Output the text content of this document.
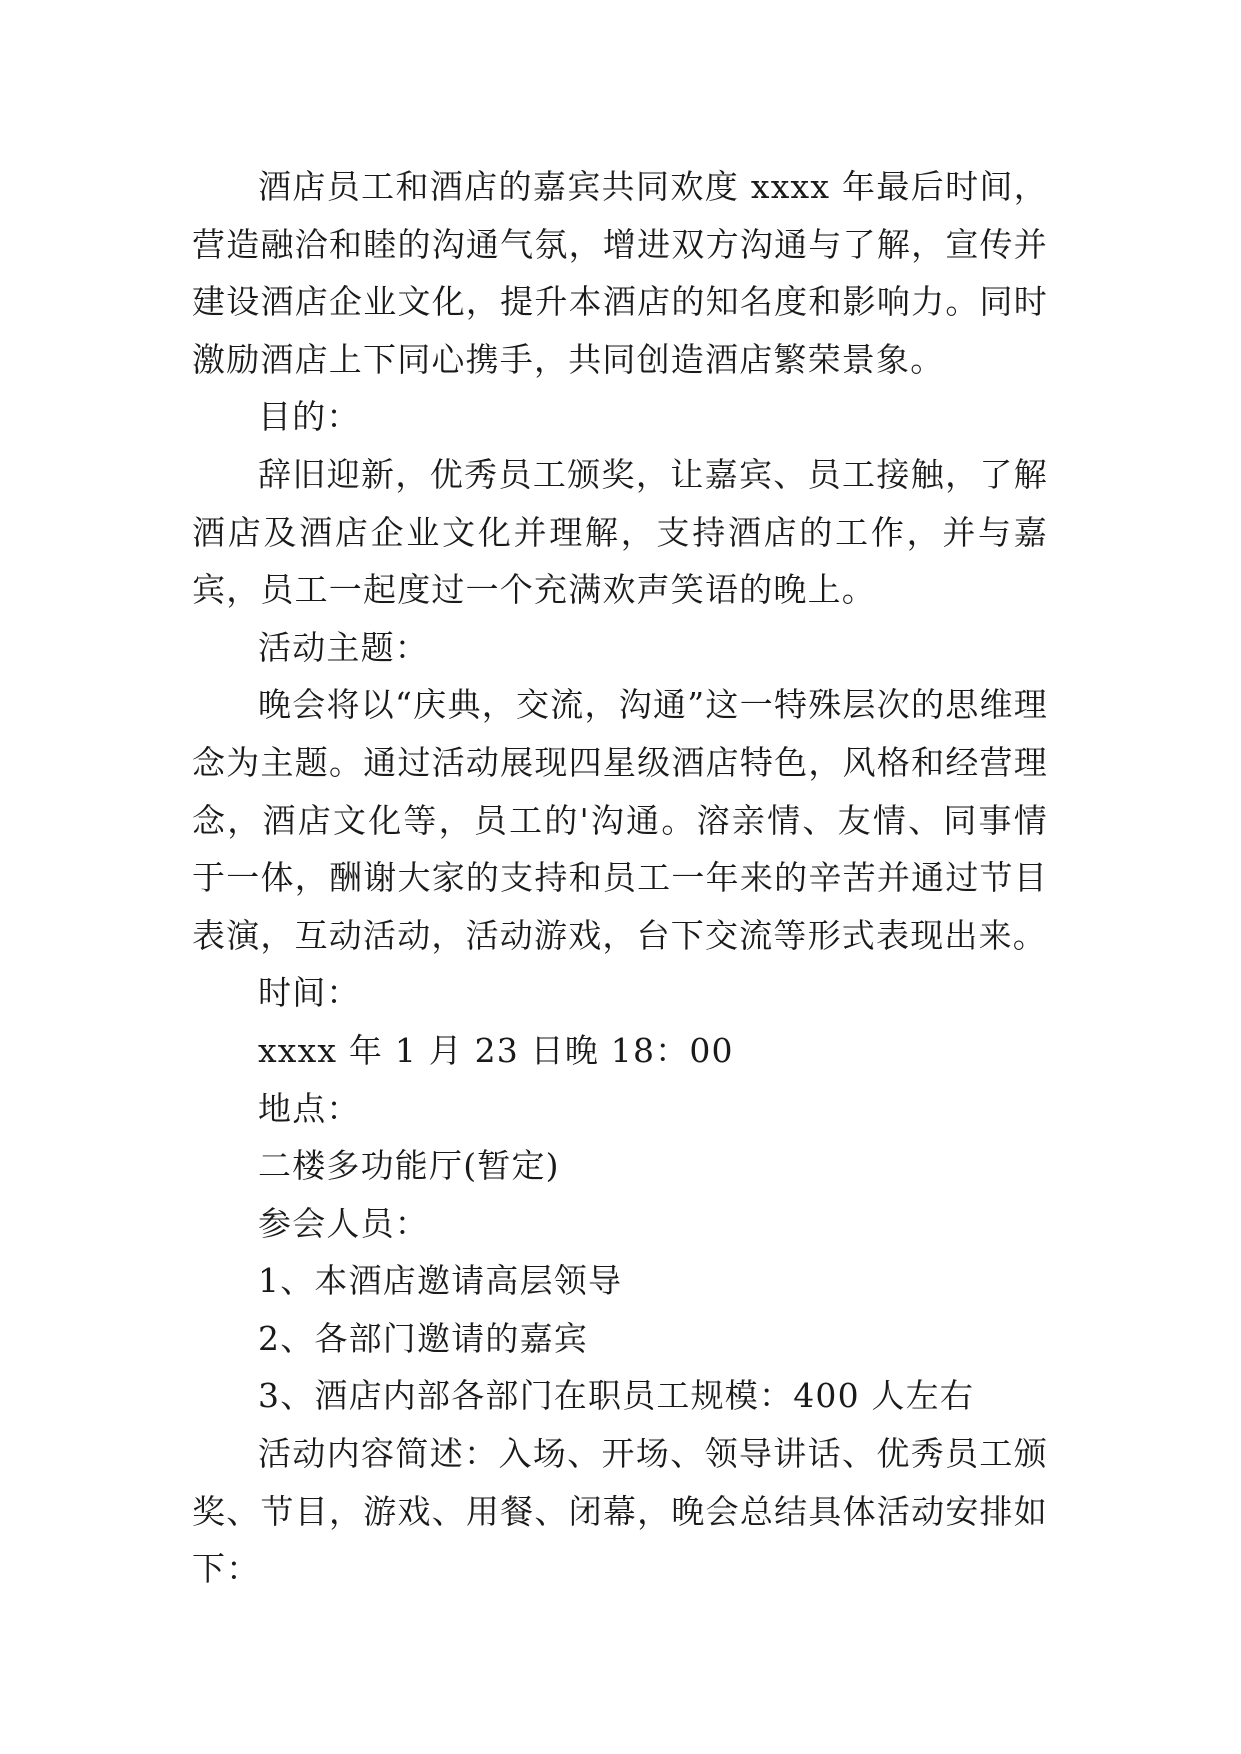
酒店员工和酒店的嘉宾共同欢度 xxxx 年最后时间，营造融洽和睦的沟通气氛，增进双方沟通与了解，宣传并建设酒店企业文化，提升本酒店的知名度和影响力。同时激励酒店上下同心携手，共同创造酒店繁荣景象。

目的：

辞旧迎新，优秀员工颁奖，让嘉宾、员工接触，了解酒店及酒店企业文化并理解，支持酒店的工作，并与嘉宾，员工一起度过一个充满欢声笑语的晚上。

活动主题：

晚会将以“庆典，交流，沟通”这一特殊层次的思维理念为主题。通过活动展现四星级酒店特色，风格和经营理念，酒店文化等，员工的'沟通。溶亲情、友情、同事情于一体，酬谢大家的支持和员工一年来的辛苦并通过节目表演，互动活动，活动游戏，台下交流等形式表现出来。

时间：

xxxx 年 1 月 23 日晚 18：00

地点：

二楼多功能厅(暂定)

参会人员：

1、本酒店邀请高层领导

2、各部门邀请的嘉宾

3、酒店内部各部门在职员工规模：400 人左右

活动内容简述：入场、开场、领导讲话、优秀员工颁奖、节目，游戏、用餐、闭幕，晚会总结具体活动安排如下：
